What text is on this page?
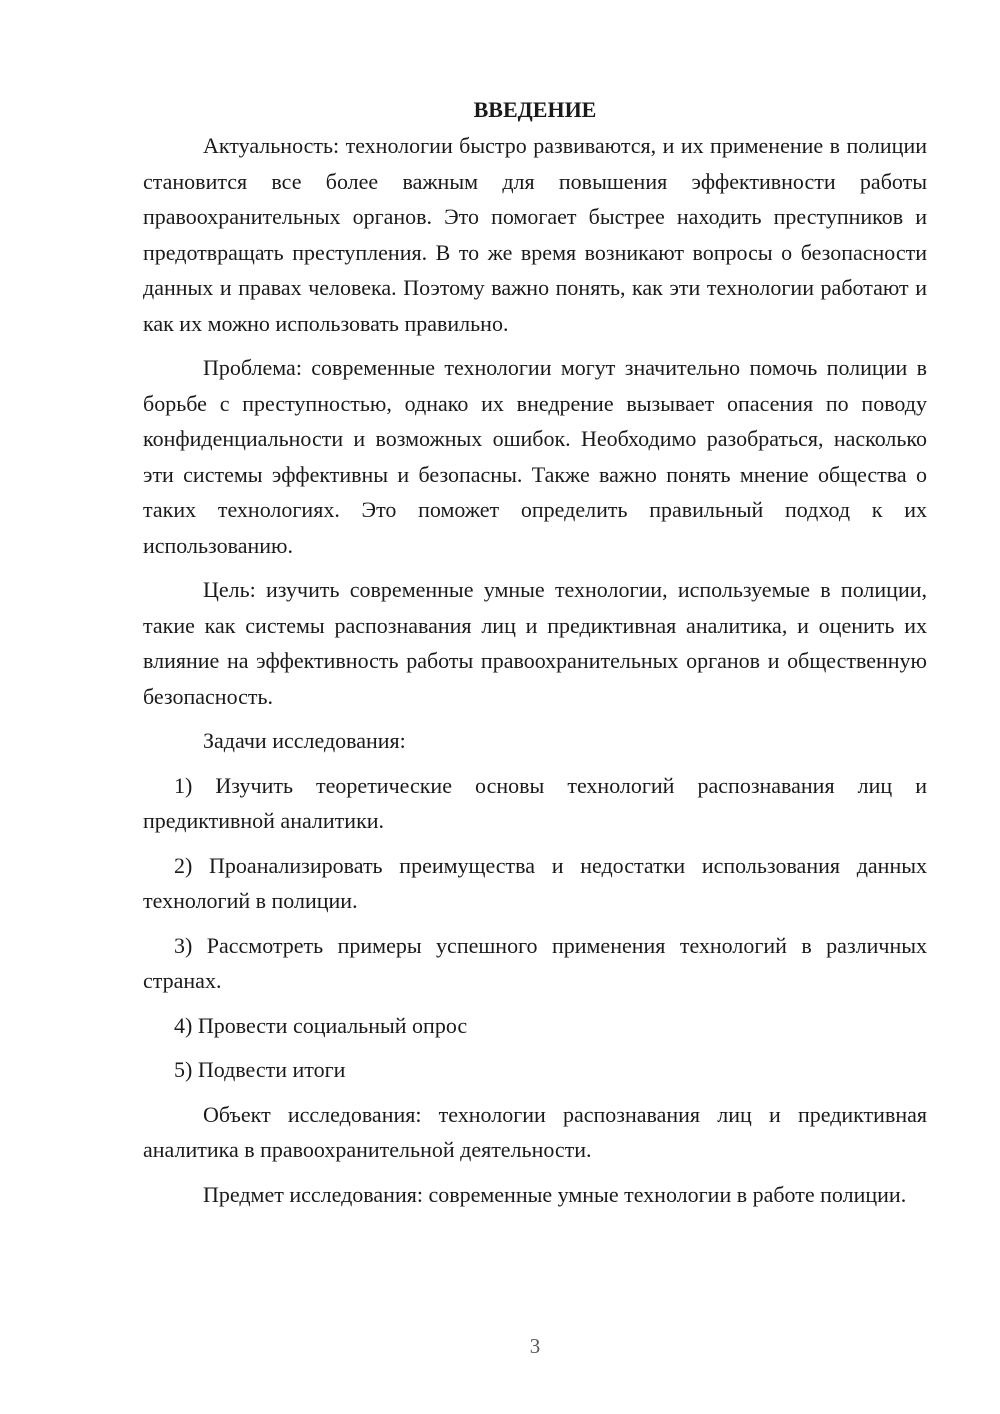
ВВЕДЕНИЕ

Актуальность: технологии быстро развиваются, и их применение в полиции становится все более важным для повышения эффективности работы правоохранительных органов. Это помогает быстрее находить преступников и предотвращать преступления. В то же время возникают вопросы о безопасности данных и правах человека. Поэтому важно понять, как эти технологии работают и как их можно использовать правильно.

Проблема: современные технологии могут значительно помочь полиции в борьбе с преступностью, однако их внедрение вызывает опасения по поводу конфиденциальности и возможных ошибок. Необходимо разобраться, насколько эти системы эффективны и безопасны. Также важно понять мнение общества о таких технологиях. Это поможет определить правильный подход к их использованию.

Цель: изучить современные умные технологии, используемые в полиции, такие как системы распознавания лиц и предиктивная аналитика, и оценить их влияние на эффективность работы правоохранительных органов и общественную безопасность.

Задачи исследования:

1) Изучить теоретические основы технологий распознавания лиц и предиктивной аналитики.

2) Проанализировать преимущества и недостатки использования данных технологий в полиции.

3) Рассмотреть примеры успешного применения технологий в различных странах.

4) Провести социальный опрос

5) Подвести итоги

Объект исследования: технологии распознавания лиц и предиктивная аналитика в правоохранительной деятельности.

Предмет исследования: современные умные технологии в работе полиции.

3
